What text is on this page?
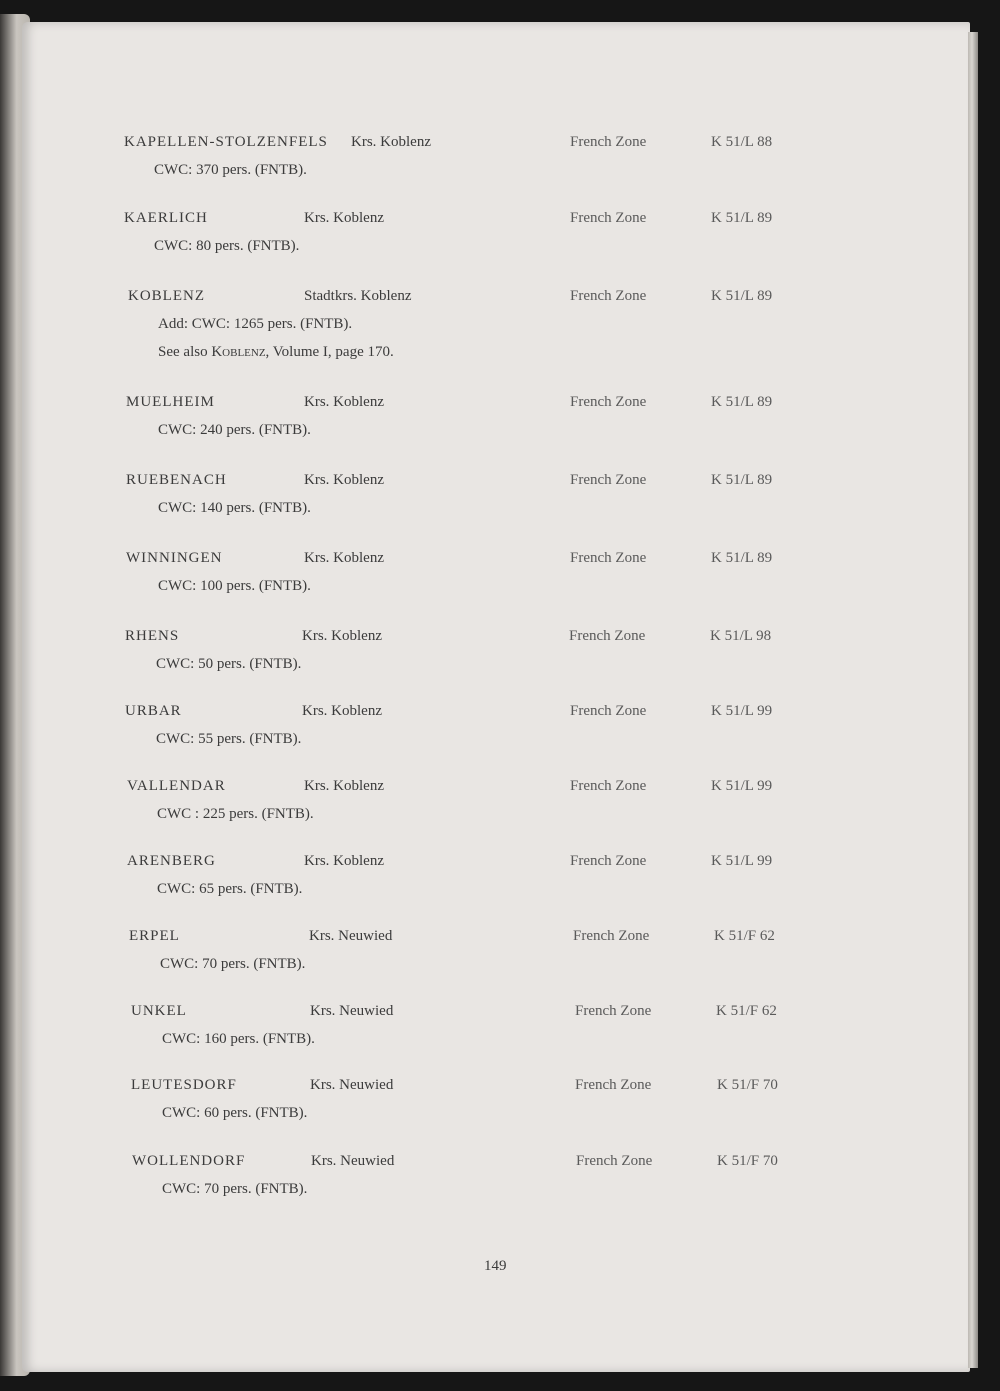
KAPELLEN-STOLZENFELS Krs. Koblenz	French Zone	K 51/L 88
CWC: 370 pers. (FNTB).
KAERLICH	Krs. Koblenz	French Zone	K 51/L 89
CWC: 80 pers. (FNTB).
KOBLENZ	Stadtkrs. Koblenz	French Zone	K 51/L 89
Add: CWC: 1265 pers. (FNTB).
See also Koblenz, Volume I, page 170.
MUELHEIM	Krs. Koblenz	French Zone	K 51/L 89
CWC: 240 pers. (FNTB).
RUEBENACH	Krs. Koblenz	French Zone	K 51/L 89
CWC: 140 pers. (FNTB).
WINNINGEN	Krs. Koblenz	French Zone	K 51/L 89
CWC: 100 pers. (FNTB).
RHENS	Krs. Koblenz	French Zone	K 51/L 98
CWC: 50 pers. (FNTB).
URBAR	Krs. Koblenz	French Zone	K 51/L 99
CWC: 55 pers. (FNTB).
VALLENDAR	Krs. Koblenz	French Zone	K 51/L 99
CWC : 225 pers. (FNTB).
ARENBERG	Krs. Koblenz	French Zone	K 51/L 99
CWC: 65 pers. (FNTB).
ERPEL	Krs. Neuwied	French Zone	K 51/F 62
CWC: 70 pers. (FNTB).
UNKEL	Krs. Neuwied	French Zone	K 51/F 62
CWC: 160 pers. (FNTB).
LEUTESDORF	Krs. Neuwied	French Zone	K 51/F 70
CWC: 60 pers. (FNTB).
WOLLENDORF	Krs. Neuwied	French Zone	K 51/F 70
CWC: 70 pers. (FNTB).
149
